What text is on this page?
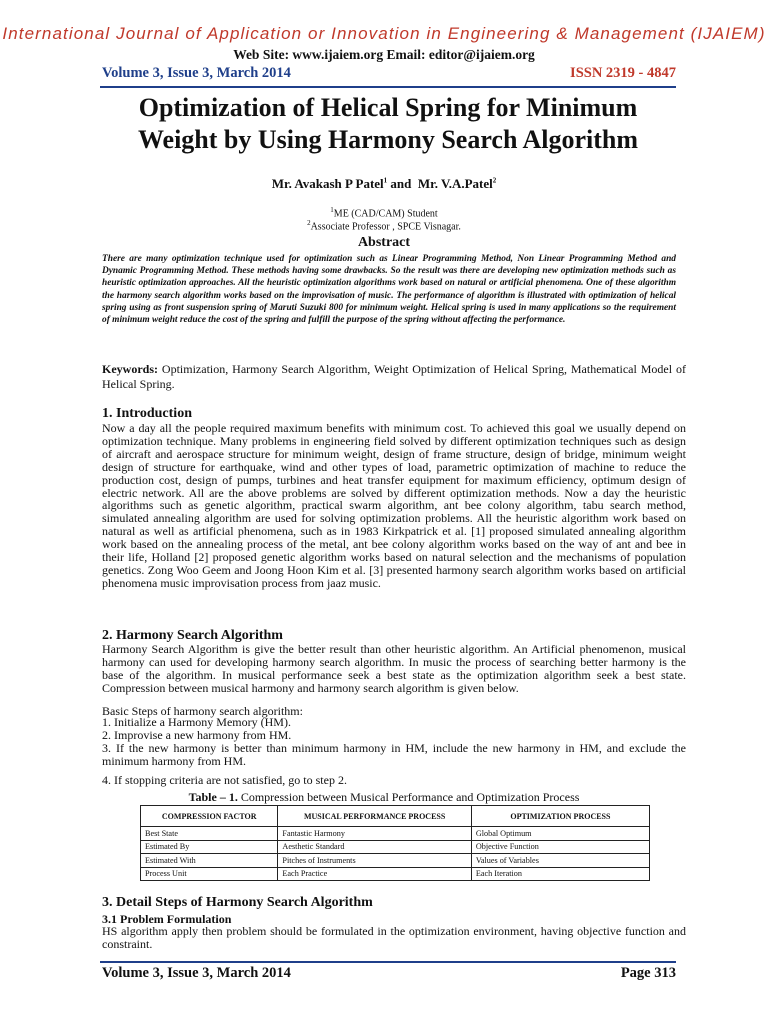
International Journal of Application or Innovation in Engineering & Management (IJAIEM)
Web Site: www.ijaiem.org Email: editor@ijaiem.org
Volume 3, Issue 3, March 2014	ISSN 2319 - 4847
Optimization of Helical Spring for Minimum
Weight by Using Harmony Search Algorithm
Mr. Avakash P Patel$^1$ and  Mr. V.A.Patel$^2$
$^1$ME (CAD/CAM) Student
$^2$Associate Professor , SPCE Visnagar.
Abstract
There are many optimization technique used for optimization such as Linear Programming Method, Non Linear Programming Method and Dynamic Programming Method. These methods having some drawbacks. So the result was there are developing new optimization methods such as heuristic optimization approaches. All the heuristic optimization algorithms work based on natural or artificial phenomena. One of these algorithm the harmony search algorithm works based on the improvisation of music. The performance of algorithm is illustrated with optimization of helical spring using as front suspension spring of Maruti Suzuki 800 for minimum weight. Helical spring is used in many applications so the requirement of minimum weight reduce the cost of the spring and fulfill the purpose of the spring without affecting the performance.
Keywords: Optimization, Harmony Search Algorithm, Weight Optimization of Helical Spring, Mathematical Model of Helical Spring.
1. Introduction
Now a day all the people required maximum benefits with minimum cost. To achieved this goal we usually depend on optimization technique. Many problems in engineering field solved by different optimization techniques such as design of aircraft and aerospace structure for minimum weight, design of frame structure, design of bridge, minimum weight design of structure for earthquake, wind and other types of load, parametric optimization of machine to reduce the production cost, design of pumps, turbines and heat transfer equipment for maximum efficiency, optimum design of electric network. All are the above problems are solved by different optimization methods. Now a day the heuristic algorithms such as genetic algorithm, practical swarm algorithm, ant bee colony algorithm, tabu search method, simulated annealing algorithm are used for solving optimization problems. All the heuristic algorithm work based on natural as well as artificial phenomena, such as in 1983 Kirkpatrick et al. [1] proposed simulated annealing algorithm work based on the annealing process of the metal, ant bee colony algorithm works based on the way of ant and bee in their life, Holland [2] proposed genetic algorithm works based on natural selection and the mechanisms of population genetics. Zong Woo Geem and Joong Hoon Kim et al. [3] presented harmony search algorithm works based on artificial phenomena music improvisation process from jaaz music.
2. Harmony Search Algorithm
Harmony Search Algorithm is give the better result than other heuristic algorithm. An Artificial phenomenon, musical harmony can used for developing harmony search algorithm. In music the process of searching better harmony is the base of the algorithm. In musical performance seek a best state as the optimization algorithm seek a best state. Compression between musical harmony and harmony search algorithm is given below.
Basic Steps of harmony search algorithm:
1. Initialize a Harmony Memory (HM).
2. Improvise a new harmony from HM.
3. If the new harmony is better than minimum harmony in HM, include the new harmony in HM, and exclude the minimum harmony from HM.
4. If stopping criteria are not satisfied, go to step 2.
Table – 1. Compression between Musical Performance and Optimization Process
COMPRESSION FACTOR	MUSICAL PERFORMANCE PROCESS	OPTIMIZATION PROCESS
Best State	Fantastic Harmony	Global Optimum
Estimated By	Aesthetic Standard	Objective Function
Estimated With	Pitches of Instruments	Values of Variables
Process Unit	Each Practice	Each Iteration
3. Detail Steps of Harmony Search Algorithm
3.1 Problem Formulation
HS algorithm apply then problem should be formulated in the optimization environment, having objective function and constraint.
Volume 3, Issue 3, March 2014	Page 313
